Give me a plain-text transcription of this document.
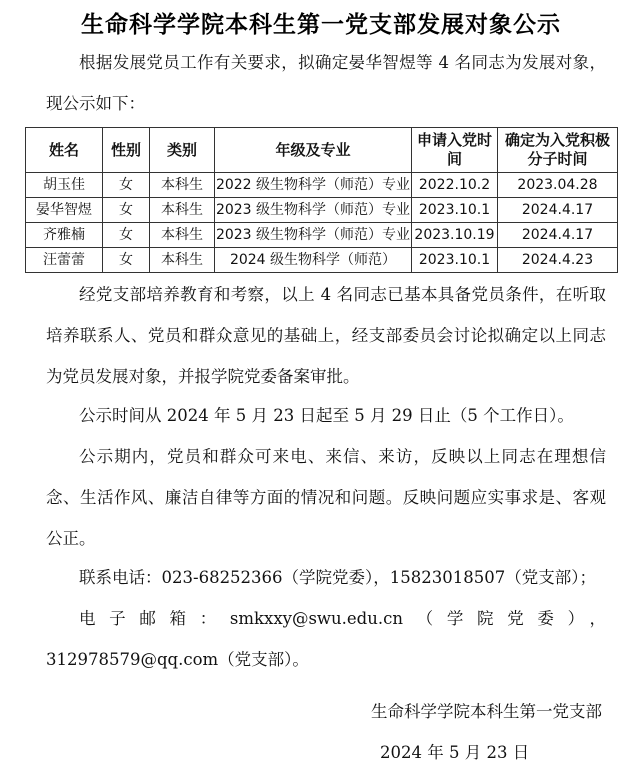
生命科学学院本科生第一党支部发展对象公示

根据发展党员工作有关要求，拟确定晏华智煜等 4 名同志为发展对象，现公示如下：

姓名	性别	类别	年级及专业	申请入党时间	确定为入党积极分子时间
胡玉佳	女	本科生	2022 级生物科学（师范）专业	2022.10.2	2023.04.28
晏华智煜	女	本科生	2023 级生物科学（师范）专业	2023.10.1	2024.4.17
齐雅楠	女	本科生	2023 级生物科学（师范）专业	2023.10.19	2024.4.17
汪蕾蕾	女	本科生	2024 级生物科学（师范）	2023.10.1	2024.4.23

经党支部培养教育和考察，以上 4 名同志已基本具备党员条件，在听取培养联系人、党员和群众意见的基础上，经支部委员会讨论拟确定以上同志为党员发展对象，并报学院党委备案审批。

公示时间从 2024 年 5 月 23 日起至 5 月 29 日止（5 个工作日）。

公示期内，党员和群众可来电、来信、来访，反映以上同志在理想信念、生活作风、廉洁自律等方面的情况和问题。反映问题应实事求是、客观公正。

联系电话：023-68252366（学院党委），15823018507（党支部）；

电子邮箱：smkxxy@swu.edu.cn（学院党委），312978579@qq.com（党支部）。

生命科学学院本科生第一党支部

2024 年 5 月 23 日
